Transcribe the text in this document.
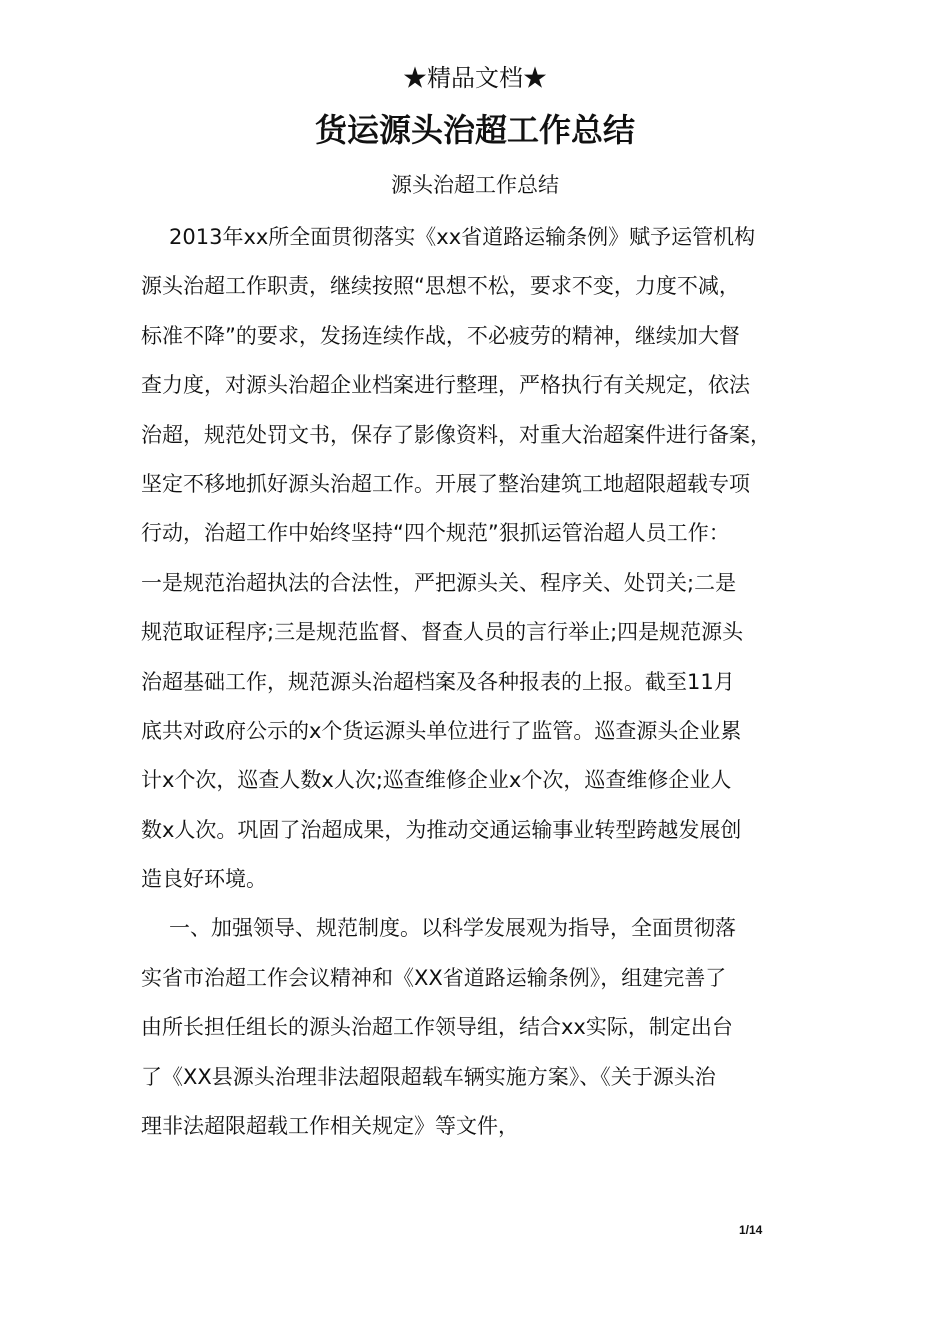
★精品文档★
货运源头治超工作总结
源头治超工作总结
2013年xx所全面贯彻落实《xx省道路运输条例》赋予运管机构
源头治超工作职责，继续按照“思想不松，要求不变，力度不减，
标准不降”的要求，发扬连续作战，不必疲劳的精神，继续加大督
查力度，对源头治超企业档案进行整理，严格执行有关规定，依法
治超，规范处罚文书，保存了影像资料，对重大治超案件进行备案，
坚定不移地抓好源头治超工作。开展了整治建筑工地超限超载专项
行动，治超工作中始终坚持“四个规范”狠抓运管治超人员工作：
一是规范治超执法的合法性，严把源头关、程序关、处罚关;二是
规范取证程序;三是规范监督、督查人员的言行举止;四是规范源头
治超基础工作，规范源头治超档案及各种报表的上报。截至11月
底共对政府公示的x个货运源头单位进行了监管。巡查源头企业累
计x个次，巡查人数x人次;巡查维修企业x个次，巡查维修企业人
数x人次。巩固了治超成果，为推动交通运输事业转型跨越发展创
造良好环境。
一、加强领导、规范制度。以科学发展观为指导，全面贯彻落
实省市治超工作会议精神和《XX省道路运输条例》，组建完善了
由所长担任组长的源头治超工作领导组，结合xx实际，制定出台
了《XX县源头治理非法超限超载车辆实施方案》、《关于源头治
理非法超限超载工作相关规定》等文件，
1/14
